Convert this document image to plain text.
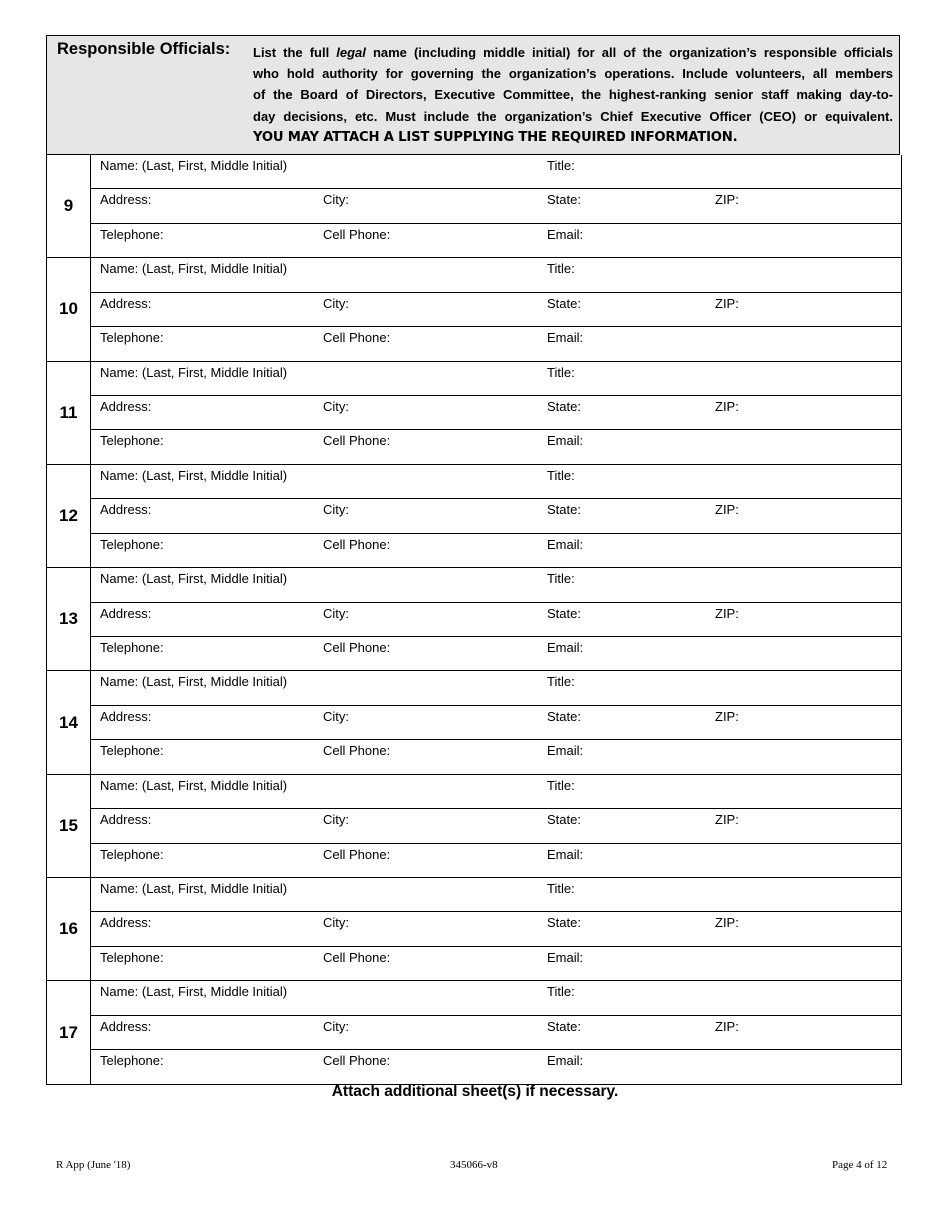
Responsible Officials: List the full legal name (including middle initial) for all of the organization’s responsible officials
who hold authority for governing the organization’s operations. Include volunteers, all members
of the Board of Directors, Executive Committee, the highest-ranking senior staff making day-to-
day decisions, etc. Must include the organization’s Chief Executive Officer (CEO) or equivalent.
YOU MAY ATTACH A LIST SUPPLYING THE REQUIRED INFORMATION.
9
Name: (Last, First, Middle Initial)	Title:
Address:	City:	State:	ZIP:
Telephone:	Cell Phone:	Email:
10
Name: (Last, First, Middle Initial)	Title:
Address:	City:	State:	ZIP:
Telephone:	Cell Phone:	Email:
11
Name: (Last, First, Middle Initial)	Title:
Address:	City:	State:	ZIP:
Telephone:	Cell Phone:	Email:
12
Name: (Last, First, Middle Initial)	Title:
Address:	City:	State:	ZIP:
Telephone:	Cell Phone:	Email:
13
Name: (Last, First, Middle Initial)	Title:
Address:	City:	State:	ZIP:
Telephone:	Cell Phone:	Email:
14
Name: (Last, First, Middle Initial)	Title:
Address:	City:	State:	ZIP:
Telephone:	Cell Phone:	Email:
15
Name: (Last, First, Middle Initial)	Title:
Address:	City:	State:	ZIP:
Telephone:	Cell Phone:	Email:
16
Name: (Last, First, Middle Initial)	Title:
Address:	City:	State:	ZIP:
Telephone:	Cell Phone:	Email:
17
Name: (Last, First, Middle Initial)	Title:
Address:	City:	State:	ZIP:
Telephone:	Cell Phone:	Email:
Attach additional sheet(s) if necessary.
R App (June '18)	345066-v8	Page 4 of 12
